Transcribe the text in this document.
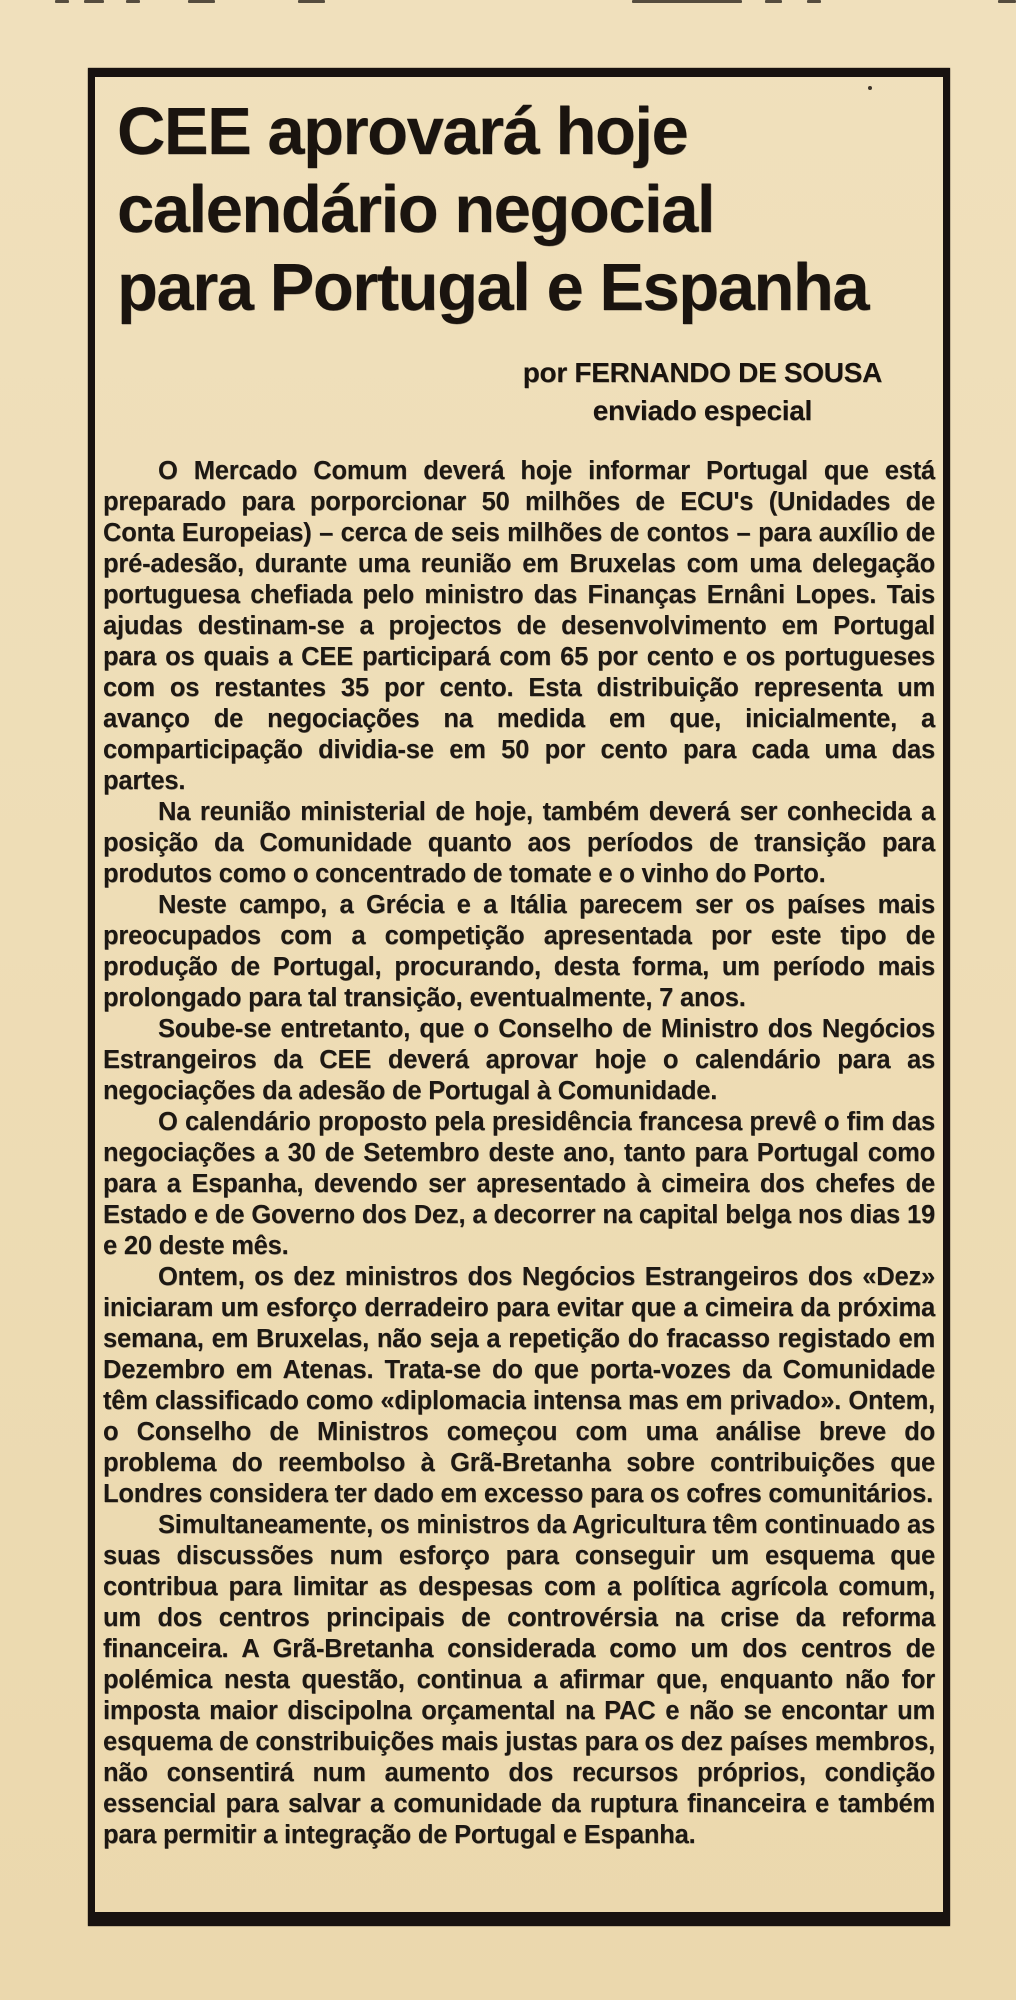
CEE aprovará hoje
calendário negocial
para Portugal e Espanha
por FERNANDO DE SOUSA
enviado especial

O Mercado Comum deverá hoje informar Portugal que está preparado para porporcionar 50 milhões de ECU's (Unidades de Conta Europeias) – cerca de seis milhões de contos – para auxílio de pré-adesão, durante uma reunião em Bruxelas com uma delegação portuguesa chefiada pelo ministro das Finanças Ernâni Lopes. Tais ajudas destinam-se a projectos de desenvolvimento em Portugal para os quais a CEE participará com 65 por cento e os portugueses com os restantes 35 por cento. Esta distribuição representa um avanço de negociações na medida em que, inicialmente, a comparticipação dividia-se em 50 por cento para cada uma das partes.

Na reunião ministerial de hoje, também deverá ser conhecida a posição da Comunidade quanto aos períodos de transição para produtos como o concentrado de tomate e o vinho do Porto.

Neste campo, a Grécia e a Itália parecem ser os países mais preocupados com a competição apresentada por este tipo de produção de Portugal, procurando, desta forma, um período mais prolongado para tal transição, eventualmente, 7 anos.

Soube-se entretanto, que o Conselho de Ministro dos Negócios Estrangeiros da CEE deverá aprovar hoje o calendário para as negociações da adesão de Portugal à Comunidade.

O calendário proposto pela presidência francesa prevê o fim das negociações a 30 de Setembro deste ano, tanto para Portugal como para a Espanha, devendo ser apresentado à cimeira dos chefes de Estado e de Governo dos Dez, a decorrer na capital belga nos dias 19 e 20 deste mês.

Ontem, os dez ministros dos Negócios Estrangeiros dos «Dez» iniciaram um esforço derradeiro para evitar que a cimeira da próxima semana, em Bruxelas, não seja a repetição do fracasso registado em Dezembro em Atenas. Trata-se do que porta-vozes da Comunidade têm classificado como «diplomacia intensa mas em privado». Ontem, o Conselho de Ministros começou com uma análise breve do problema do reembolso à Grã-Bretanha sobre contribuições que Londres considera ter dado em excesso para os cofres comunitários.

Simultaneamente, os ministros da Agricultura têm continuado as suas discussões num esforço para conseguir um esquema que contribua para limitar as despesas com a política agrícola comum, um dos centros principais de controvérsia na crise da reforma financeira. A Grã-Bretanha considerada como um dos centros de polémica nesta questão, continua a afirmar que, enquanto não for imposta maior discipolna orçamental na PAC e não se encontar um esquema de constribuições mais justas para os dez países membros, não consentirá num aumento dos recursos próprios, condição essencial para salvar a comunidade da ruptura financeira e também para permitir a integração de Portugal e Espanha.
